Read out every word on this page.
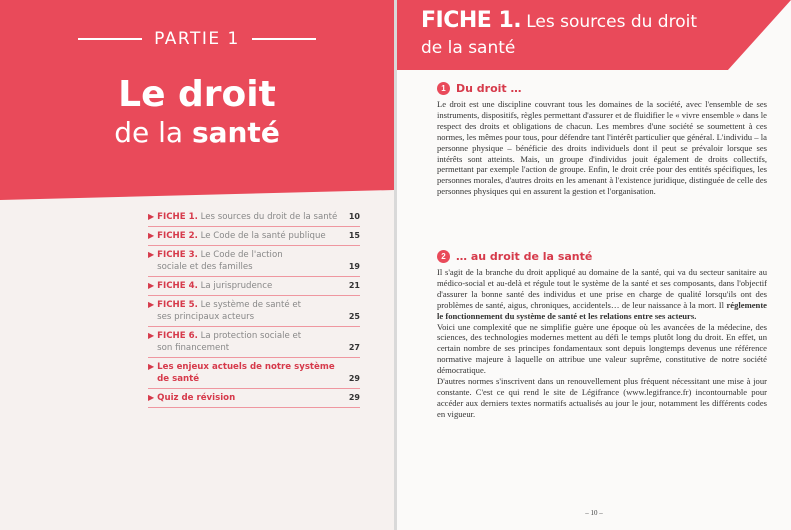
PARTIE 1
Le droit
de la santé
▶ FICHE 1. Les sources du droit de la santé 10
▶ FICHE 2. Le Code de la santé publique	15
▶ FICHE 3. Le Code de l'action sociale et des familles	19
▶ FICHE 4. La jurisprudence	21
▶ FICHE 5. Le système de santé et ses principaux acteurs	25
▶ FICHE 6. La protection sociale et son financement	27
▶ Les enjeux actuels de notre système de santé	29
▶ Quiz de révision	29
FICHE 1. Les sources du droit
de la santé
1 Du droit …

Le droit est une discipline couvrant tous les domaines de la société, avec l'ensemble de ses instruments, dispositifs, règles permettant d'assurer et de fluidifier le « vivre ensemble » dans le respect des droits et obligations de chacun. Les membres d'une société se soumettent à ces normes, les mêmes pour tous, pour défendre tant l'intérêt particulier que général. L'individu – la personne physique – bénéficie des droits individuels dont il peut se prévaloir lorsque ses intérêts sont atteints. Mais, un groupe d'individus jouit également de droits collectifs, permettant par exemple l'action de groupe. Enfin, le droit crée pour des entités spécifiques, les personnes morales, d'autres droits en les amenant à l'existence juridique, distinguée de celle des personnes physiques qui en assurent la gestion et l'organisation.

2 … au droit de la santé

Il s'agit de la branche du droit appliqué au domaine de la santé, qui va du secteur sanitaire au médico-social et au-delà et régule tout le système de la santé et ses composants, dans l'objectif d'assurer la bonne santé des individus et une prise en charge de qualité lorsqu'ils ont des problèmes de santé, aigus, chroniques, accidentels… de leur naissance à la mort. Il réglemente le fonctionnement du système de santé et les relations entre ses acteurs.

Voici une complexité que ne simplifie guère une époque où les avancées de la médecine, des sciences, des technologies modernes mettent au défi le temps plutôt long du droit. En effet, un certain nombre de ses principes fondamentaux sont depuis longtemps devenus une référence normative majeure à laquelle on attribue une valeur suprême, constitutive de notre société démocratique.

D'autres normes s'inscrivent dans un renouvellement plus fréquent nécessitant une mise à jour constante. C'est ce qui rend le site de Légifrance (www.legifrance.fr) incontournable pour accéder aux derniers textes normatifs actualisés au jour le jour, notamment les différents codes en vigueur.

– 10 –
